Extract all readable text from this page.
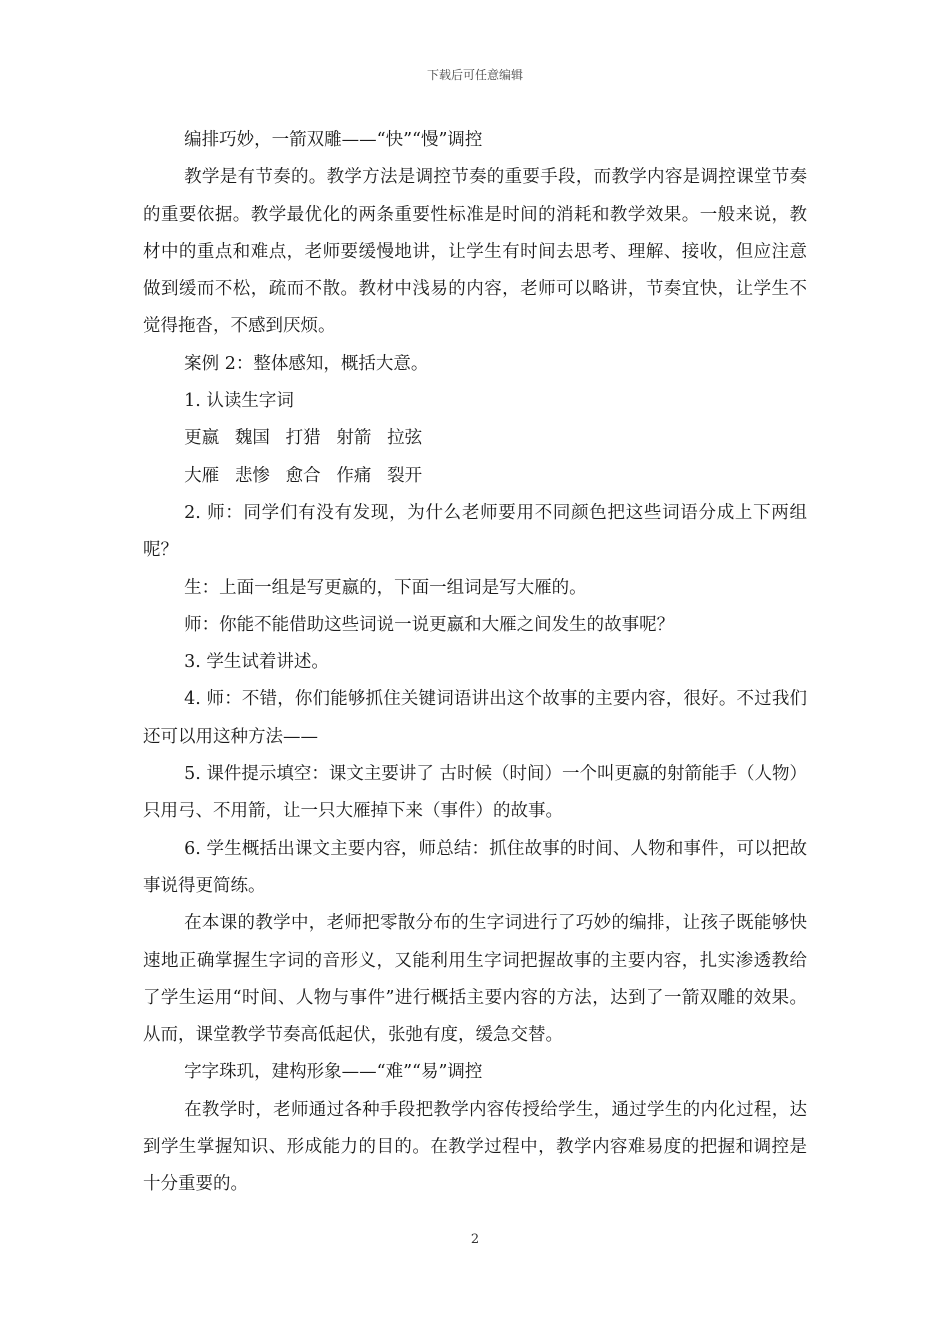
下载后可任意编辑

编排巧妙，一箭双雕——“快”“慢”调控

教学是有节奏的。教学方法是调控节奏的重要手段，而教学内容是调控课堂节奏的重要依据。教学最优化的两条重要性标准是时间的消耗和教学效果。一般来说，教材中的重点和难点，老师要缓慢地讲，让学生有时间去思考、理解、接收，但应注意做到缓而不松，疏而不散。教材中浅易的内容，老师可以略讲，节奏宜快，让学生不觉得拖沓，不感到厌烦。

案例 2：整体感知，概括大意。

1. 认读生字词

更嬴 魏国 打猎 射箭 拉弦

大雁 悲惨 愈合 作痛 裂开

2. 师：同学们有没有发现，为什么老师要用不同颜色把这些词语分成上下两组呢？

生：上面一组是写更嬴的，下面一组词是写大雁的。

师：你能不能借助这些词说一说更嬴和大雁之间发生的故事呢？

3. 学生试着讲述。

4. 师：不错，你们能够抓住关键词语讲出这个故事的主要内容，很好。不过我们还可以用这种方法——

5. 课件提示填空：课文主要讲了 古时候（时间）一个叫更嬴的射箭能手（人物）只用弓、不用箭，让一只大雁掉下来（事件）的故事。

6. 学生概括出课文主要内容，师总结：抓住故事的时间、人物和事件，可以把故事说得更简练。

在本课的教学中，老师把零散分布的生字词进行了巧妙的编排，让孩子既能够快速地正确掌握生字词的音形义，又能利用生字词把握故事的主要内容，扎实渗透教给了学生运用“时间、人物与事件”进行概括主要内容的方法，达到了一箭双雕的效果。从而，课堂教学节奏高低起伏，张弛有度，缓急交替。

字字珠玑，建构形象——“难”“易”调控

在教学时，老师通过各种手段把教学内容传授给学生，通过学生的内化过程，达到学生掌握知识、形成能力的目的。在教学过程中，教学内容难易度的把握和调控是十分重要的。

2
